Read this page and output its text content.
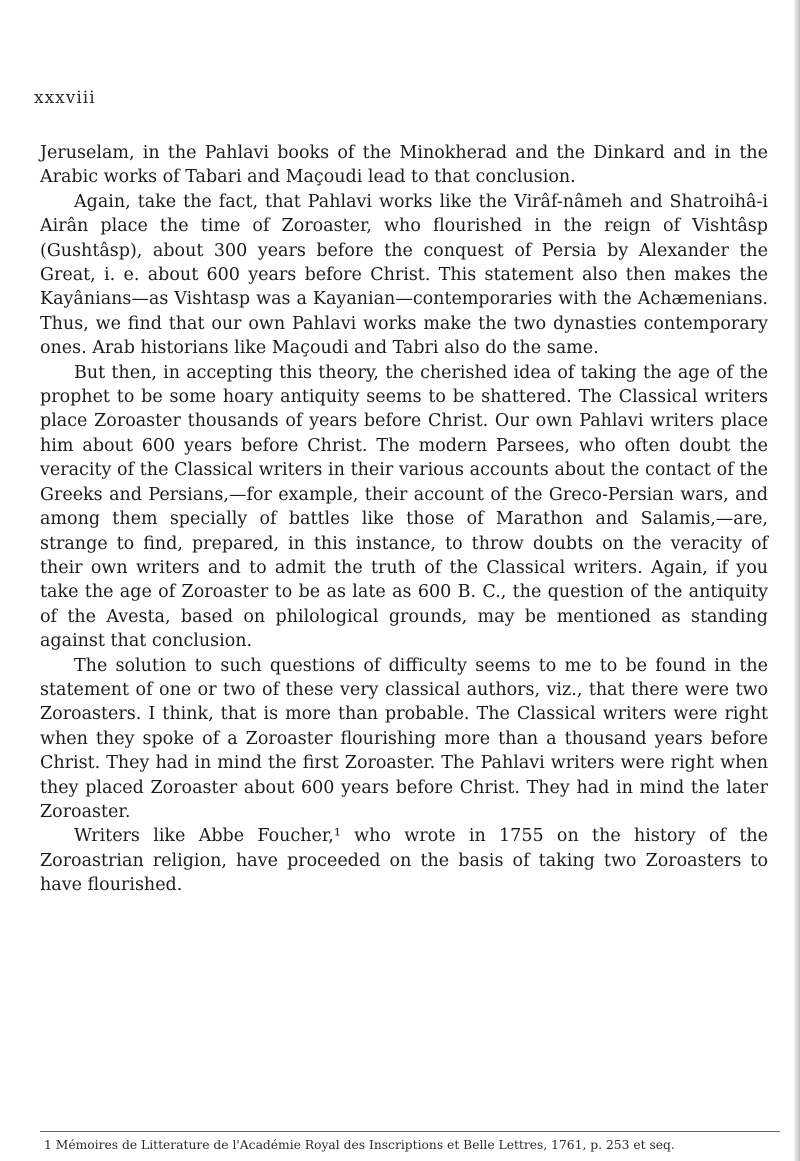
xxxviii

Jeruselam, in the Pahlavi books of the Minokherad and the Dinkard and in the Arabic works of Tabari and Maçoudi lead to that conclusion.

Again, take the fact, that Pahlavi works like the Virâf-nâmeh and Shatroihâ-i Airân place the time of Zoroaster, who flourished in the reign of Vishtâsp (Gushtâsp), about 300 years before the conquest of Persia by Alexander the Great, i. e. about 600 years before Christ. This statement also then makes the Kayânians—as Vishtasp was a Kayanian—contemporaries with the Achæmenians. Thus, we find that our own Pahlavi works make the two dynasties contemporary ones. Arab historians like Maçoudi and Tabri also do the same.

But then, in accepting this theory, the cherished idea of taking the age of the prophet to be some hoary antiquity seems to be shattered. The Classical writers place Zoroaster thousands of years before Christ. Our own Pahlavi writers place him about 600 years before Christ. The modern Parsees, who often doubt the veracity of the Classical writers in their various accounts about the contact of the Greeks and Persians,—for example, their account of the Greco-Persian wars, and among them specially of battles like those of Marathon and Salamis,—are, strange to find, prepared, in this instance, to throw doubts on the veracity of their own writers and to admit the truth of the Classical writers. Again, if you take the age of Zoroaster to be as late as 600 B. C., the question of the antiquity of the Avesta, based on philological grounds, may be mentioned as standing against that conclusion.

The solution to such questions of difficulty seems to me to be found in the statement of one or two of these very classical authors, viz., that there were two Zoroasters. I think, that is more than probable. The Classical writers were right when they spoke of a Zoroaster flourishing more than a thousand years before Christ. They had in mind the first Zoroaster. The Pahlavi writers were right when they placed Zoroaster about 600 years before Christ. They had in mind the later Zoroaster.

Writers like Abbe Foucher,¹ who wrote in 1755 on the history of the Zoroastrian religion, have proceeded on the basis of taking two Zoroasters to have flourished.

1 Mémoires de Litterature de l'Académie Royal des Inscriptions et Belle Lettres, 1761, p. 253 et seq.
